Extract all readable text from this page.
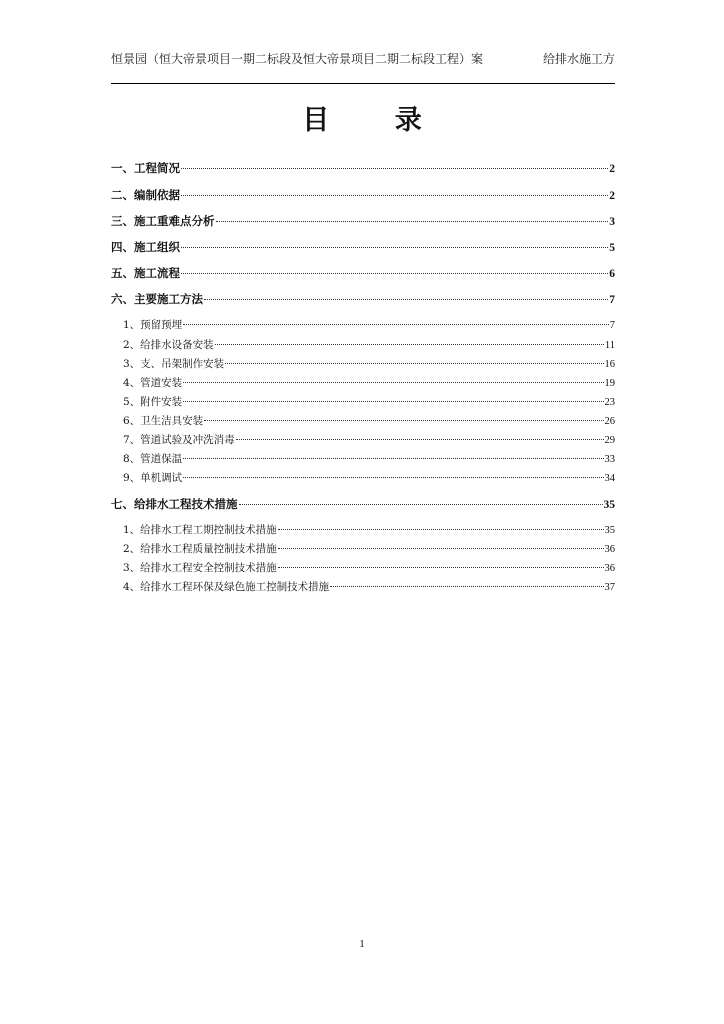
恒景园（恒大帝景项目一期二标段及恒大帝景项目二期二标段工程）案	给排水施工方
目 录
一、工程简况	2
二、编制依据	2
三、施工重难点分析	3
四、施工组织	5
五、施工流程	6
六、主要施工方法	7
1、预留预埋	7
2、给排水设备安装	11
3、支、吊架制作安装	16
4、管道安装	19
5、附件安装	23
6、卫生洁具安装	26
7、管道试验及冲洗消毒	29
8、管道保温	33
9、单机调试	34
七、给排水工程技术措施	35
1、给排水工程工期控制技术措施	35
2、给排水工程质量控制技术措施	36
3、给排水工程安全控制技术措施	36
4、给排水工程环保及绿色施工控制技术措施	37
1
